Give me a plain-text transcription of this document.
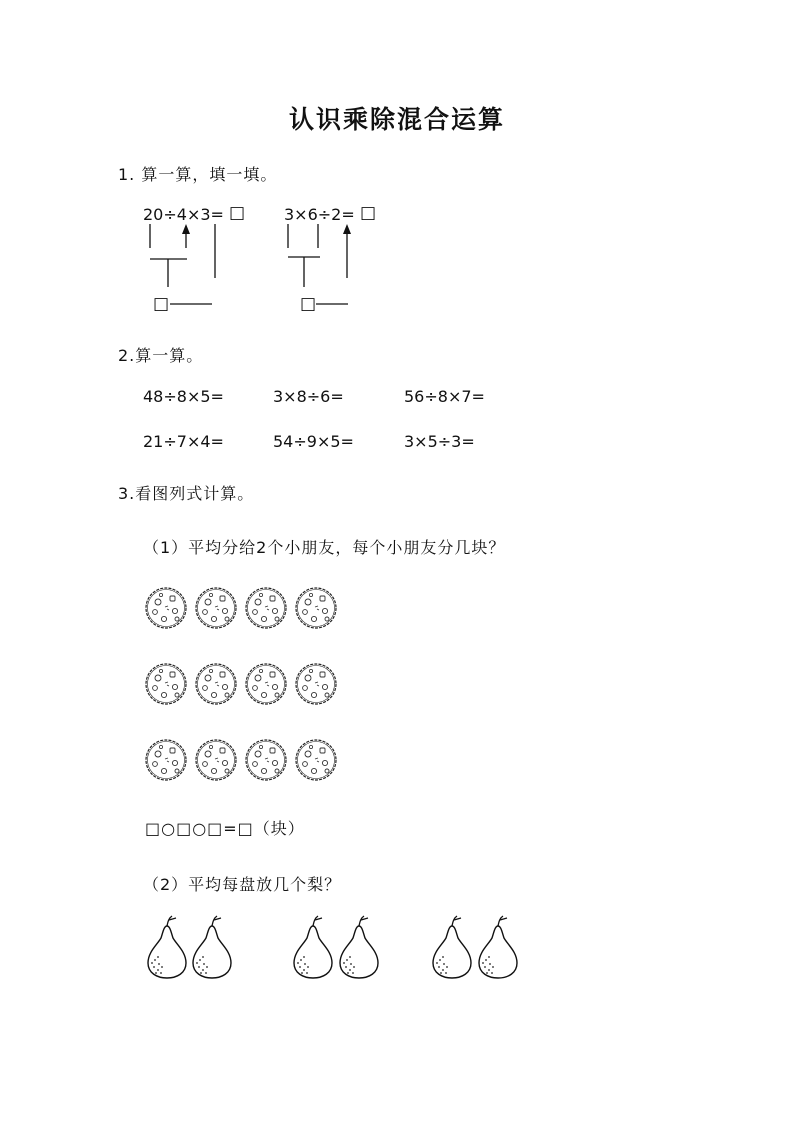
认识乘除混合运算
1. 算一算，填一填。
20÷4×3=	3×6÷2=
□	□
□	□
2.算一算。
48÷8×5=	3×8÷6=	56÷8×7=
21÷7×4=	54÷9×5=	3×5÷3=
3.看图列式计算。
（1）平均分给2个小朋友，每个小朋友分几块？
□○□○□=□（块）
（2）平均每盘放几个梨？
